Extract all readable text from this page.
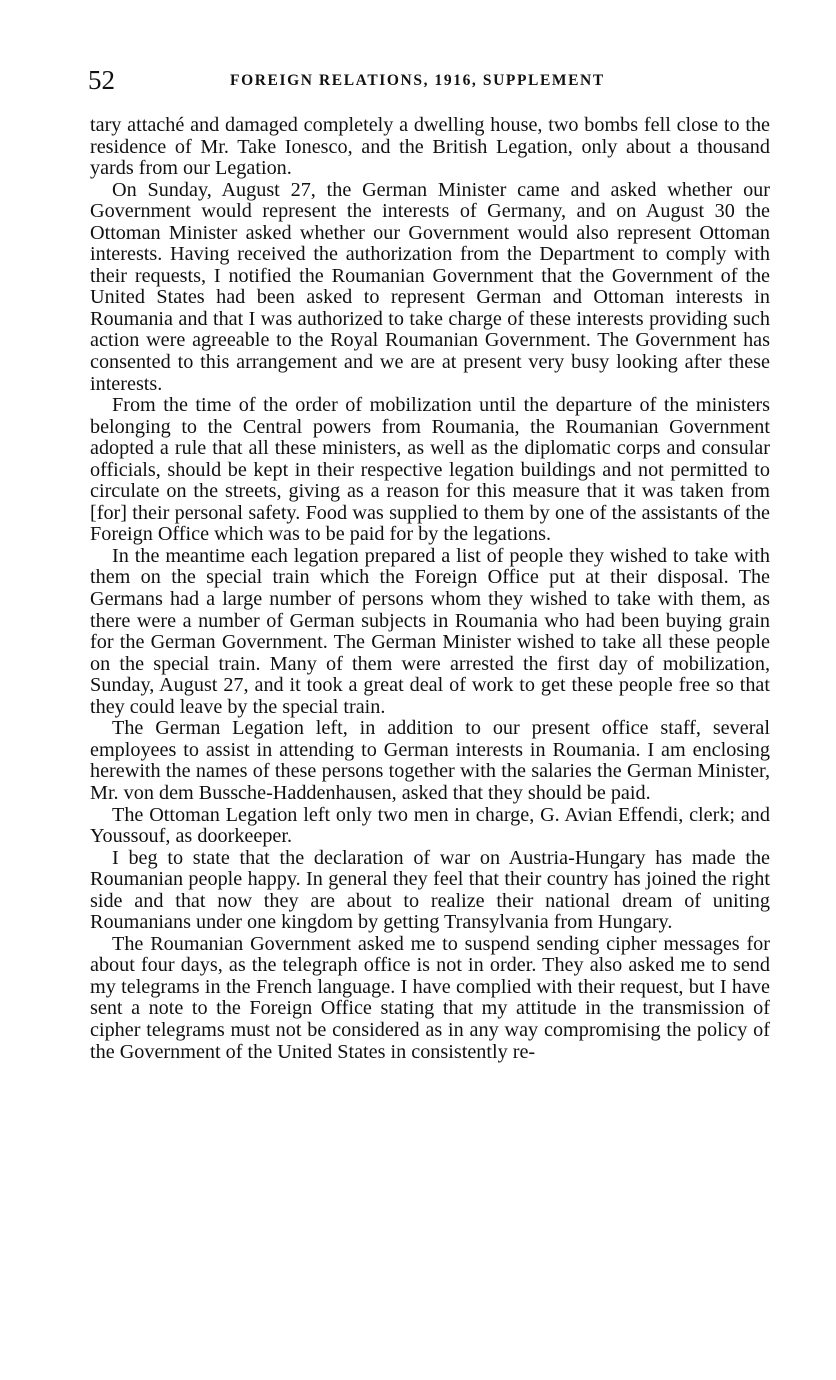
52	FOREIGN RELATIONS, 1916, SUPPLEMENT

tary attaché and damaged completely a dwelling house, two bombs fell close to the residence of Mr. Take Ionesco, and the British Legation, only about a thousand yards from our Legation.

On Sunday, August 27, the German Minister came and asked whether our Government would represent the interests of Germany, and on August 30 the Ottoman Minister asked whether our Government would also represent Ottoman interests. Having received the authorization from the Department to comply with their requests, I notified the Roumanian Government that the Government of the United States had been asked to represent German and Ottoman interests in Roumania and that I was authorized to take charge of these interests providing such action were agreeable to the Royal Roumanian Government. The Government has consented to this arrangement and we are at present very busy looking after these interests.

From the time of the order of mobilization until the departure of the ministers belonging to the Central powers from Roumania, the Roumanian Government adopted a rule that all these ministers, as well as the diplomatic corps and consular officials, should be kept in their respective legation buildings and not permitted to circulate on the streets, giving as a reason for this measure that it was taken from [for] their personal safety. Food was supplied to them by one of the assistants of the Foreign Office which was to be paid for by the legations.

In the meantime each legation prepared a list of people they wished to take with them on the special train which the Foreign Office put at their disposal. The Germans had a large number of persons whom they wished to take with them, as there were a number of German subjects in Roumania who had been buying grain for the German Government. The German Minister wished to take all these people on the special train. Many of them were arrested the first day of mobilization, Sunday, August 27, and it took a great deal of work to get these people free so that they could leave by the special train.

The German Legation left, in addition to our present office staff, several employees to assist in attending to German interests in Roumania. I am enclosing herewith the names of these persons together with the salaries the German Minister, Mr. von dem Bussche-Haddenhausen, asked that they should be paid.

The Ottoman Legation left only two men in charge, G. Avian Effendi, clerk; and Youssouf, as doorkeeper.

I beg to state that the declaration of war on Austria-Hungary has made the Roumanian people happy. In general they feel that their country has joined the right side and that now they are about to realize their national dream of uniting Roumanians under one kingdom by getting Transylvania from Hungary.

The Roumanian Government asked me to suspend sending cipher messages for about four days, as the telegraph office is not in order. They also asked me to send my telegrams in the French language. I have complied with their request, but I have sent a note to the Foreign Office stating that my attitude in the transmission of cipher telegrams must not be considered as in any way compromising the policy of the Government of the United States in consistently re-
